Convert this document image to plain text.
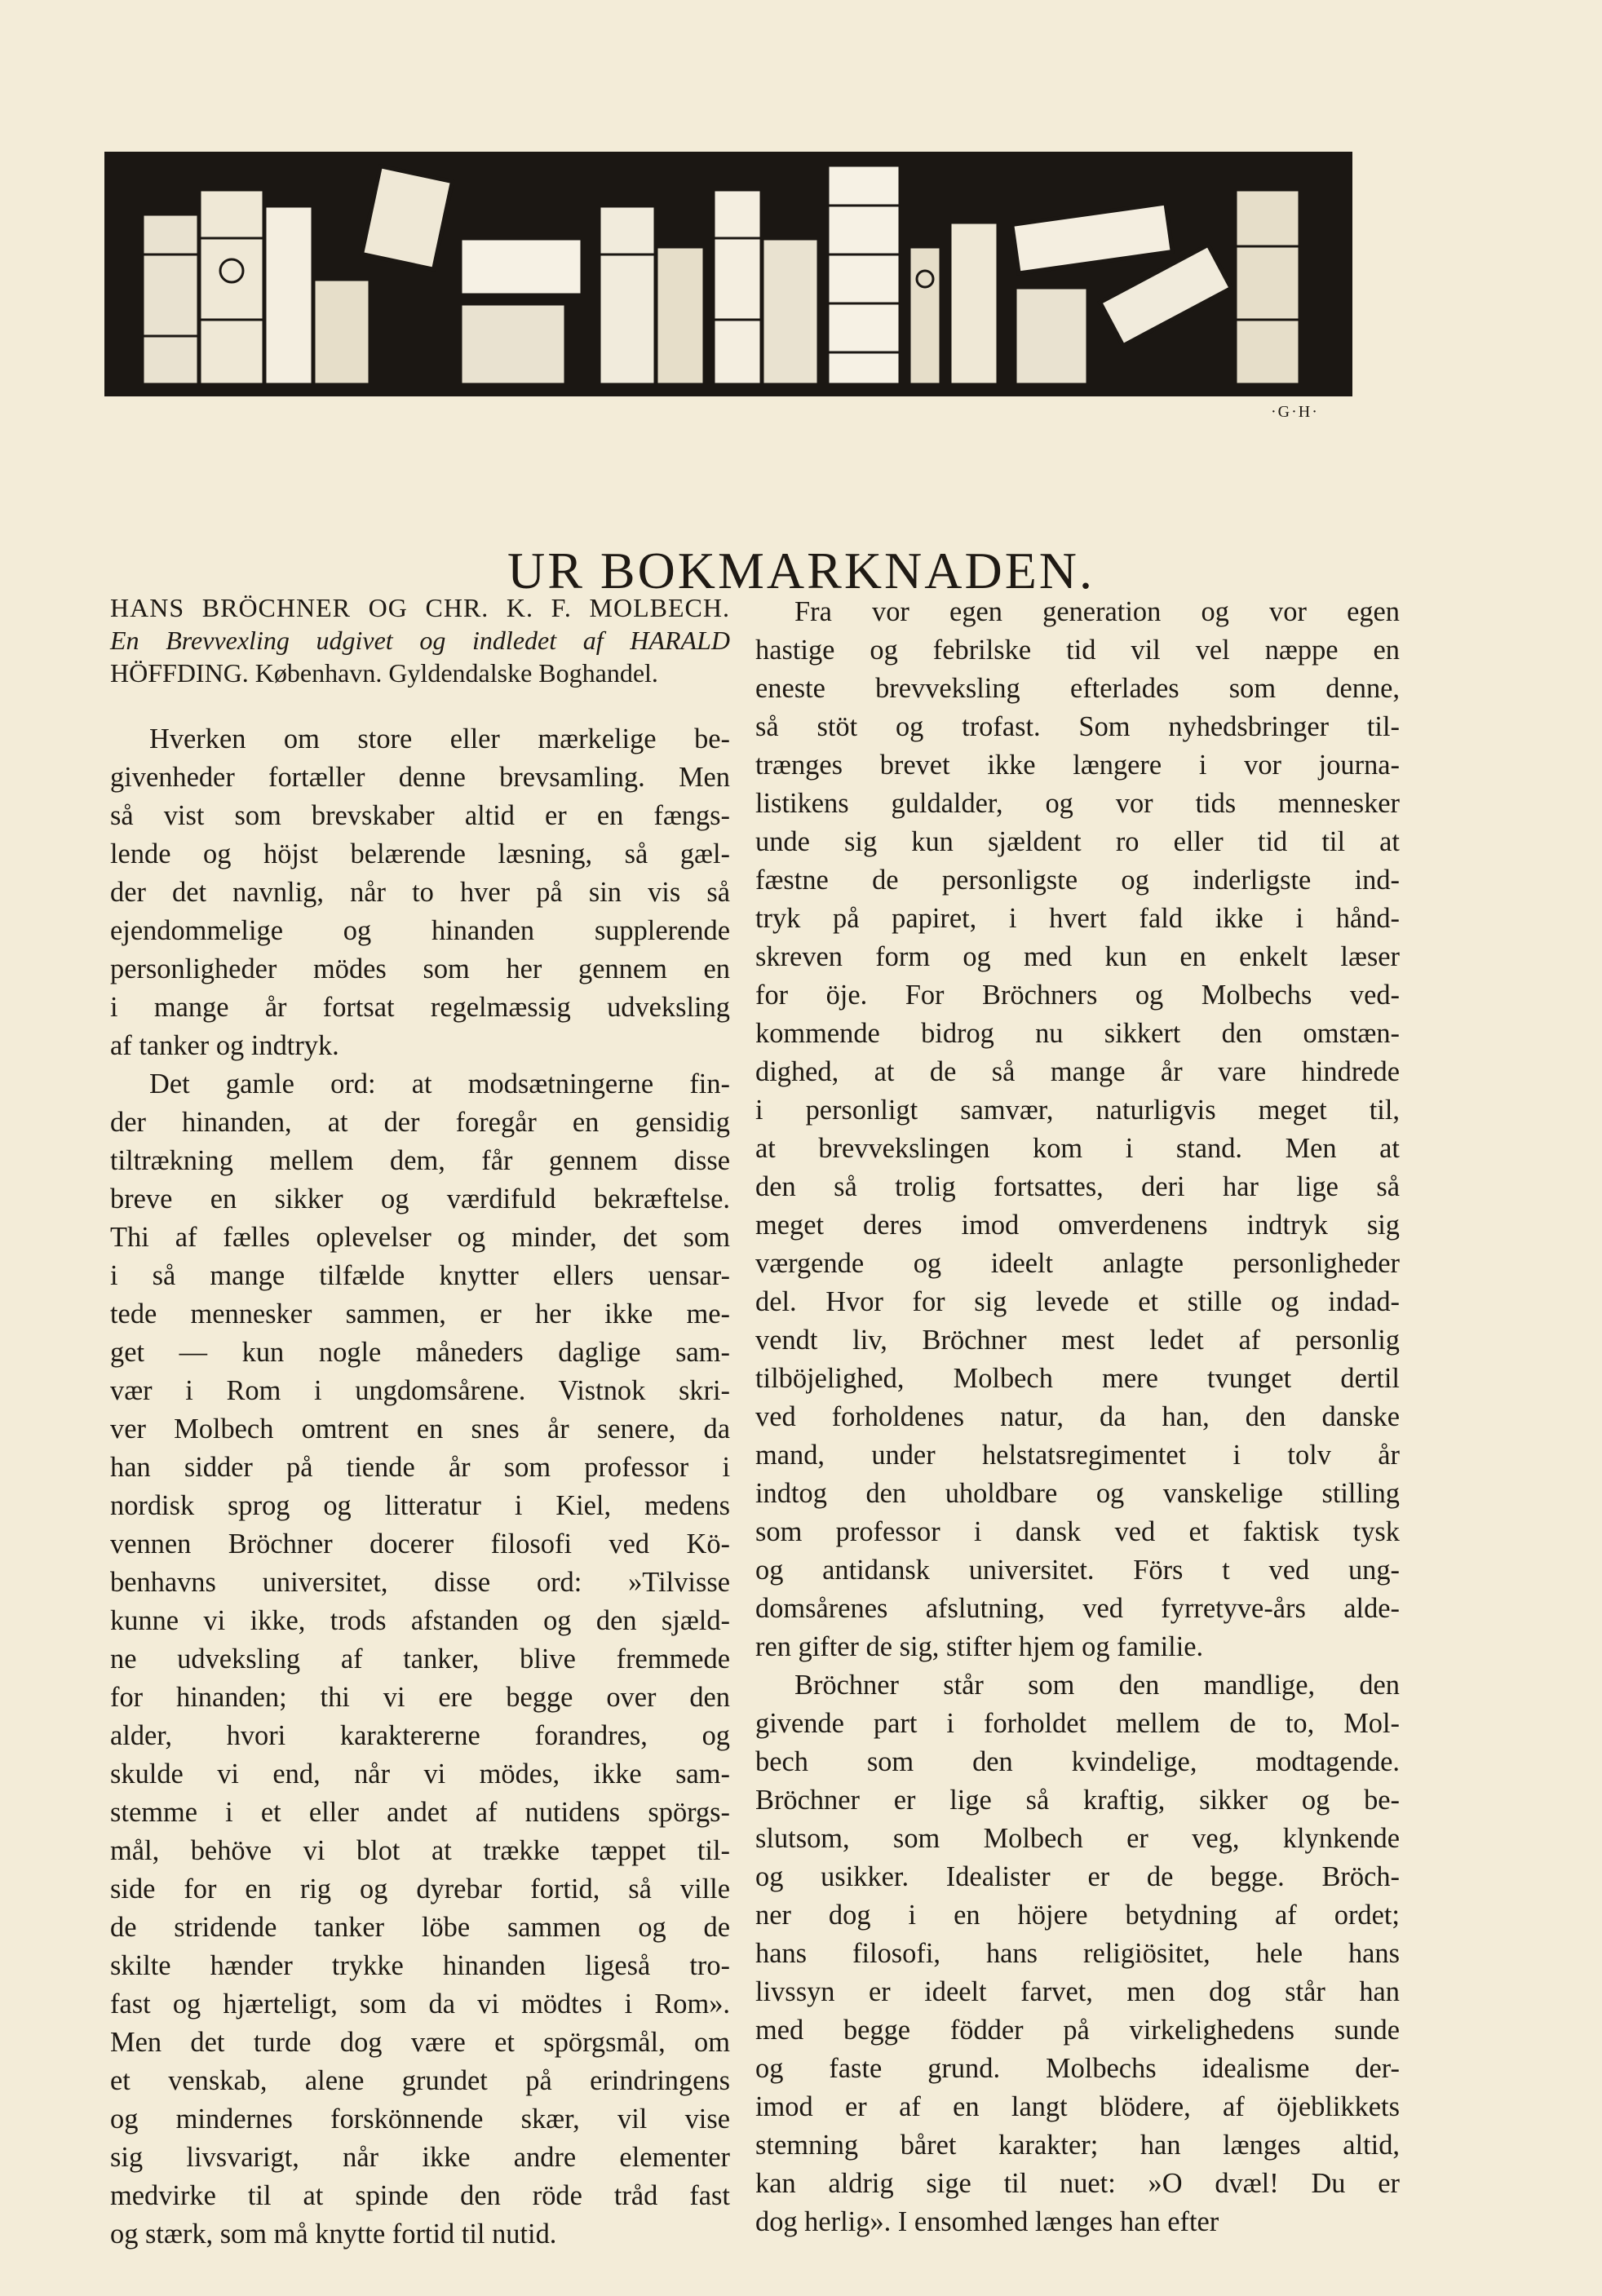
·G·H·
UR BOKMARKNADEN.
HANS BRÖCHNER OG CHR. K. F. MOLBECH.
En Brevvexling udgivet og indledet af HARALD
HÖFFDING. København. Gyldendalske Boghandel.
Hverken om store eller mærkelige be-
givenheder fortæller denne brevsamling. Men
så vist som brevskaber altid er en fængs-
lende og höjst belærende læsning, så gæl-
der det navnlig, når to hver på sin vis så
ejendommelige og hinanden supplerende
personligheder mödes som her gennem en
i mange år fortsat regelmæssig udveksling
af tanker og indtryk.
Det gamle ord: at modsætningerne fin-
der hinanden, at der foregår en gensidig
tiltrækning mellem dem, får gennem disse
breve en sikker og værdifuld bekræftelse.
Thi af fælles oplevelser og minder, det som
i så mange tilfælde knytter ellers uensar-
tede mennesker sammen, er her ikke me-
get — kun nogle måneders daglige sam-
vær i Rom i ungdomsårene. Vistnok skri-
ver Molbech omtrent en snes år senere, da
han sidder på tiende år som professor i
nordisk sprog og litteratur i Kiel, medens
vennen Bröchner docerer filosofi ved Kö-
benhavns universitet, disse ord: »Tilvisse
kunne vi ikke, trods afstanden og den sjæld-
ne udveksling af tanker, blive fremmede
for hinanden; thi vi ere begge over den
alder, hvori karaktererne forandres, og
skulde vi end, når vi mödes, ikke sam-
stemme i et eller andet af nutidens spörgs-
mål, behöve vi blot at trække tæppet til-
side for en rig og dyrebar fortid, så ville
de stridende tanker löbe sammen og de
skilte hænder trykke hinanden ligeså tro-
fast og hjærteligt, som da vi mödtes i Rom».
Men det turde dog være et spörgsmål, om
et venskab, alene grundet på erindringens
og mindernes forskönnende skær, vil vise
sig livsvarigt, når ikke andre elementer
medvirke til at spinde den röde tråd fast
og stærk, som må knytte fortid til nutid.
Fra vor egen generation og vor egen
hastige og febrilske tid vil vel næppe en
eneste brevveksling efterlades som denne,
så stöt og trofast. Som nyhedsbringer til-
trænges brevet ikke længere i vor journa-
listikens guldalder, og vor tids mennesker
unde sig kun sjældent ro eller tid til at
fæstne de personligste og inderligste ind-
tryk på papiret, i hvert fald ikke i hånd-
skreven form og med kun en enkelt læser
for öje. For Bröchners og Molbechs ved-
kommende bidrog nu sikkert den omstæn-
dighed, at de så mange år vare hindrede
i personligt samvær, naturligvis meget til,
at brevvekslingen kom i stand. Men at
den så trolig fortsattes, deri har lige så
meget deres imod omverdenens indtryk sig
værgende og ideelt anlagte personligheder
del. Hvor for sig levede et stille og indad-
vendt liv, Bröchner mest ledet af personlig
tilböjelighed, Molbech mere tvunget dertil
ved forholdenes natur, da han, den danske
mand, under helstatsregimentet i tolv år
indtog den uholdbare og vanskelige stilling
som professor i dansk ved et faktisk tysk
og antidansk universitet. Förs t ved ung-
domsårenes afslutning, ved fyrretyve-års alde-
ren gifter de sig, stifter hjem og familie.
Bröchner står som den mandlige, den
givende part i forholdet mellem de to, Mol-
bech som den kvindelige, modtagende.
Bröchner er lige så kraftig, sikker og be-
slutsom, som Molbech er veg, klynkende
og usikker. Idealister er de begge. Bröch-
ner dog i en höjere betydning af ordet;
hans filosofi, hans religiösitet, hele hans
livssyn er ideelt farvet, men dog står han
med begge födder på virkelighedens sunde
og faste grund. Molbechs idealisme der-
imod er af en langt blödere, af öjeblikkets
stemning båret karakter; han længes altid,
kan aldrig sige til nuet: »O dvæl! Du er
dog herlig». I ensomhed længes han efter
